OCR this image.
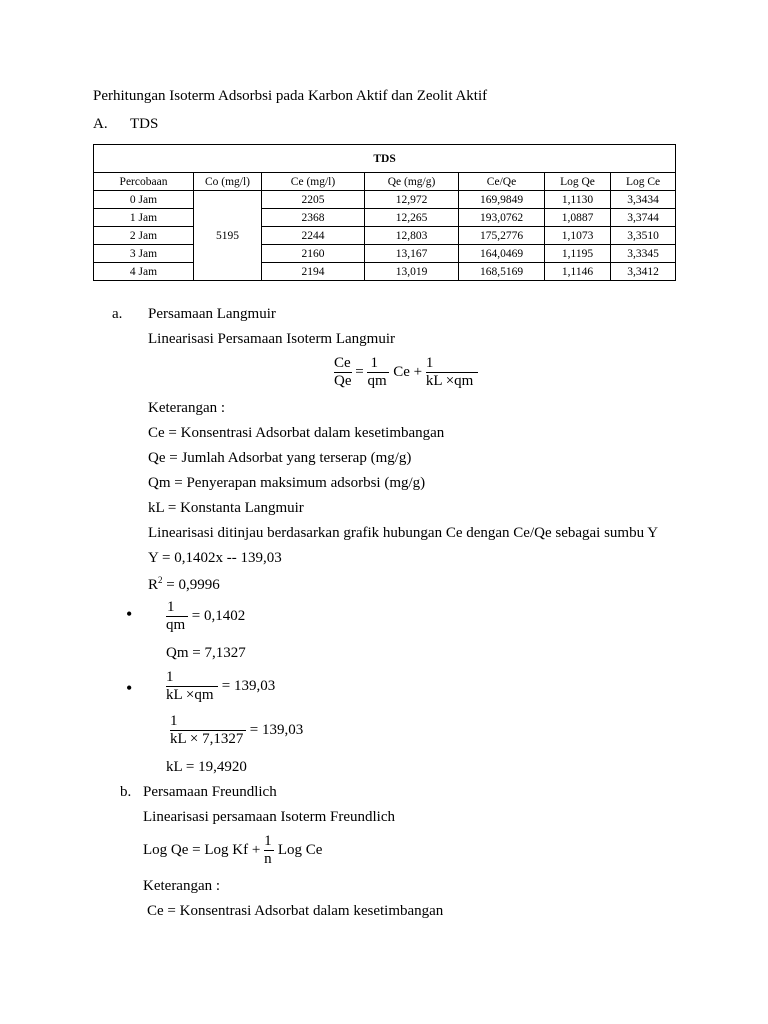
Perhitungan Isoterm Adsorbsi pada Karbon Aktif dan Zeolit Aktif
A. TDS
TDS						
Percobaan	Co (mg/l)	Ce (mg/l)	Qe (mg/g)	Ce/Qe	Log Qe	Log Ce
0 Jam	5195	2205	12,972	169,9849	1,1130	3,3434
1 Jam		2368	12,265	193,0762	1,0887	3,3744
2 Jam		2244	12,803	175,2776	1,1073	3,3510
3 Jam		2160	13,167	164,0469	1,1195	3,3345
4 Jam		2194	13,019	168,5169	1,1146	3,3412
a. Persamaan Langmuir
Linearisasi Persamaan Isoterm Langmuir
$\frac{Ce}{Qe} = \frac{1}{qm}$ $Ce + \frac{1}{kL \times qm}$
Keterangan :
Ce = Konsentrasi Adsorbat dalam kesetimbangan
Qe = Jumlah Adsorbat yang terserap (mg/g)
Qm = Penyerapan maksimum adsorbsi (mg/g)
kL = Konstanta Langmuir
Linearisasi ditinjau berdasarkan grafik hubungan Ce dengan Ce/Qe sebagai sumbu Y
Y = 0,1402x -- 139,03
$R^2 = 0,9996$
• $\frac{1}{qm} = 0,1402$
Qm = 7,1327
• $\frac{1}{kL \times qm} = 139,03$
$\frac{1}{kL \times 7,1327} = 139,03$
kL = 19,4920
b. Persamaan Freundlich
Linearisasi persamaan Isoterm Freundlich
Log Qe = Log $Kf + \frac{1}{n}$ Log Ce
Keterangan :
Ce = Konsentrasi Adsorbat dalam kesetimbangan
